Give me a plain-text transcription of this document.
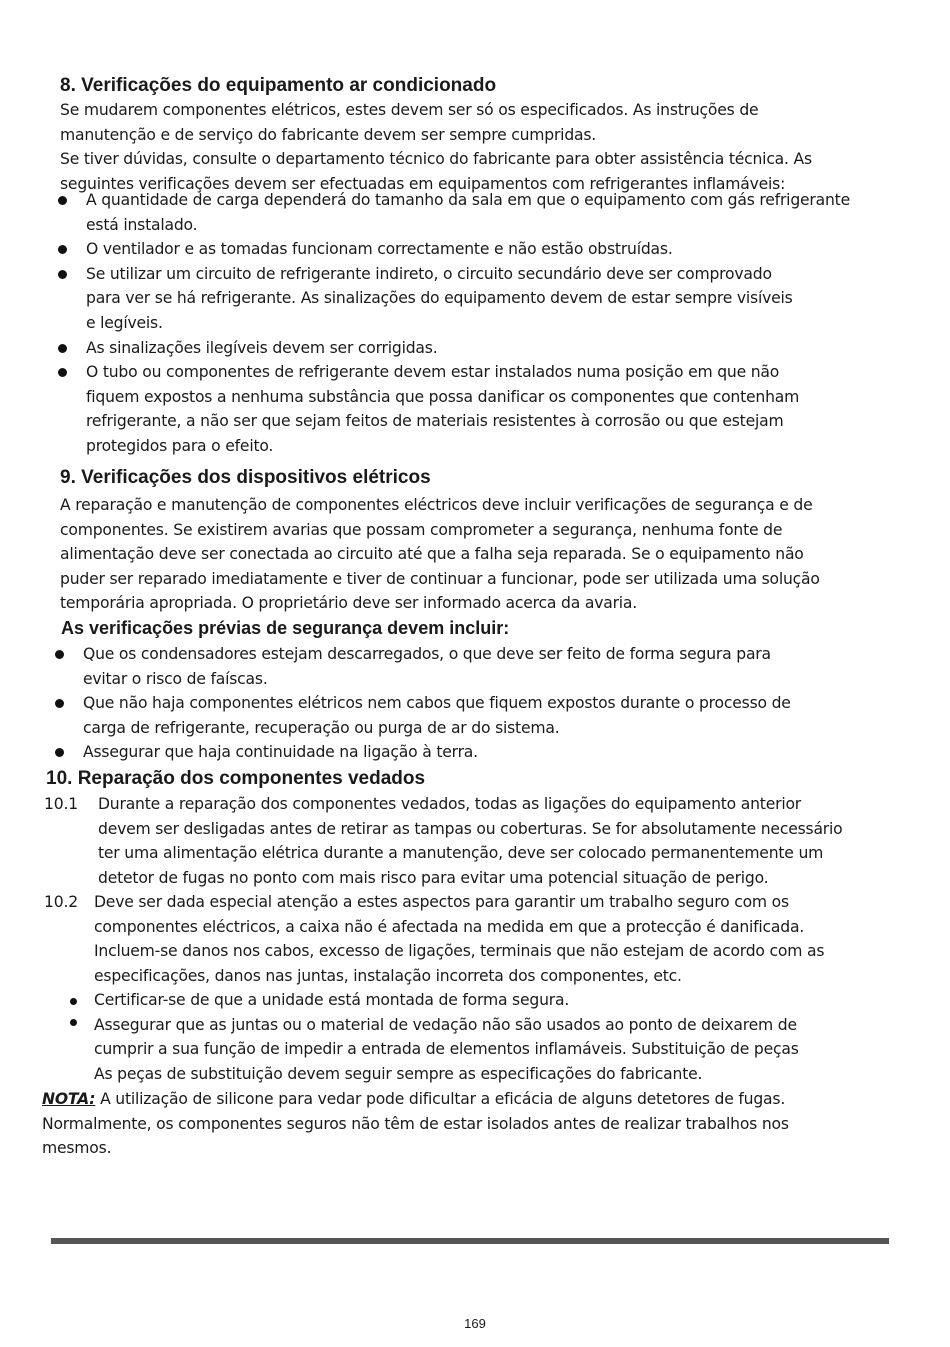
8. Verificações do equipamento ar condicionado
Se mudarem componentes elétricos, estes devem ser só os especificados. As instruções de
manutenção e de serviço do fabricante devem ser sempre cumpridas.
Se tiver dúvidas, consulte o departamento técnico do fabricante para obter assistência técnica. As
seguintes verificações devem ser efectuadas em equipamentos com refrigerantes inflamáveis:
A quantidade de carga dependerá do tamanho da sala em que o equipamento com gás refrigerante
está instalado.
O ventilador e as tomadas funcionam correctamente e não estão obstruídas.
Se utilizar um circuito de refrigerante indireto, o circuito secundário deve ser comprovado
para ver se há refrigerante. As sinalizações do equipamento devem de estar sempre visíveis
e legíveis.
As sinalizações ilegíveis devem ser corrigidas.
O tubo ou componentes de refrigerante devem estar instalados numa posição em que não
fiquem expostos a nenhuma substância que possa danificar os componentes que contenham
refrigerante, a não ser que sejam feitos de materiais resistentes à corrosão ou que estejam
protegidos para o efeito.
9. Verificações dos dispositivos elétricos
A reparação e manutenção de componentes eléctricos deve incluir verificações de segurança e de
componentes. Se existirem avarias que possam comprometer a segurança, nenhuma fonte de
alimentação deve ser conectada ao circuito até que a falha seja reparada. Se o equipamento não
puder ser reparado imediatamente e tiver de continuar a funcionar, pode ser utilizada uma solução
temporária apropriada. O proprietário deve ser informado acerca da avaria.
As verificações prévias de segurança devem incluir:
Que os condensadores estejam descarregados, o que deve ser feito de forma segura para
evitar o risco de faíscas.
Que não haja componentes elétricos nem cabos que fiquem expostos durante o processo de
carga de refrigerante, recuperação ou purga de ar do sistema.
Assegurar que haja continuidade na ligação à terra.
10. Reparação dos componentes vedados
10.1 Durante a reparação dos componentes vedados, todas as ligações do equipamento anterior
devem ser desligadas antes de retirar as tampas ou coberturas. Se for absolutamente necessário
ter uma alimentação elétrica durante a manutenção, deve ser colocado permanentemente um
detetor de fugas no ponto com mais risco para evitar uma potencial situação de perigo.
10.2 Deve ser dada especial atenção a estes aspectos para garantir um trabalho seguro com os
componentes eléctricos, a caixa não é afectada na medida em que a protecção é danificada.
Incluem-se danos nos cabos, excesso de ligações, terminais que não estejam de acordo com as
especificações, danos nas juntas, instalação incorreta dos componentes, etc.
Certificar-se de que a unidade está montada de forma segura.
Assegurar que as juntas ou o material de vedação não são usados ao ponto de deixarem de
cumprir a sua função de impedir a entrada de elementos inflamáveis. Substituição de peças
As peças de substituição devem seguir sempre as especificações do fabricante.
NOTA: A utilização de silicone para vedar pode dificultar a eficácia de alguns detetores de fugas.
Normalmente, os componentes seguros não têm de estar isolados antes de realizar trabalhos nos
mesmos.
169
